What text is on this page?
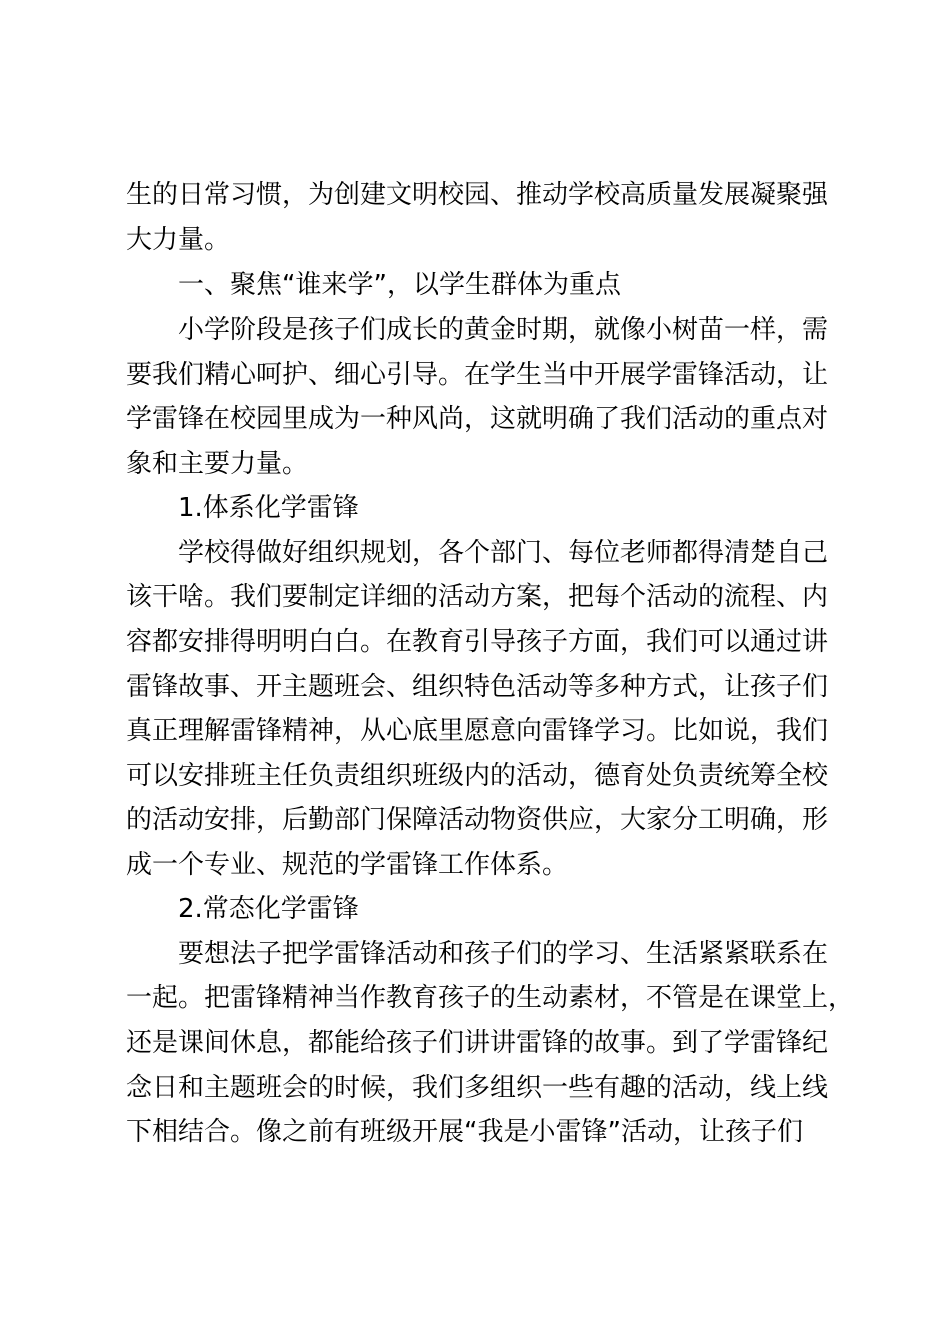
生的日常习惯，为创建文明校园、推动学校高质量发展凝聚强
大力量。
一、聚焦“谁来学”，以学生群体为重点
小学阶段是孩子们成长的黄金时期，就像小树苗一样，需
要我们精心呵护、细心引导。在学生当中开展学雷锋活动，让
学雷锋在校园里成为一种风尚，这就明确了我们活动的重点对
象和主要力量。
1.体系化学雷锋
学校得做好组织规划，各个部门、每位老师都得清楚自己
该干啥。我们要制定详细的活动方案，把每个活动的流程、内
容都安排得明明白白。在教育引导孩子方面，我们可以通过讲
雷锋故事、开主题班会、组织特色活动等多种方式，让孩子们
真正理解雷锋精神，从心底里愿意向雷锋学习。比如说，我们
可以安排班主任负责组织班级内的活动，德育处负责统筹全校
的活动安排，后勤部门保障活动物资供应，大家分工明确，形
成一个专业、规范的学雷锋工作体系。
2.常态化学雷锋
要想法子把学雷锋活动和孩子们的学习、生活紧紧联系在
一起。把雷锋精神当作教育孩子的生动素材，不管是在课堂上，
还是课间休息，都能给孩子们讲讲雷锋的故事。到了学雷锋纪
念日和主题班会的时候，我们多组织一些有趣的活动，线上线
下相结合。像之前有班级开展“我是小雷锋”活动，让孩子们
